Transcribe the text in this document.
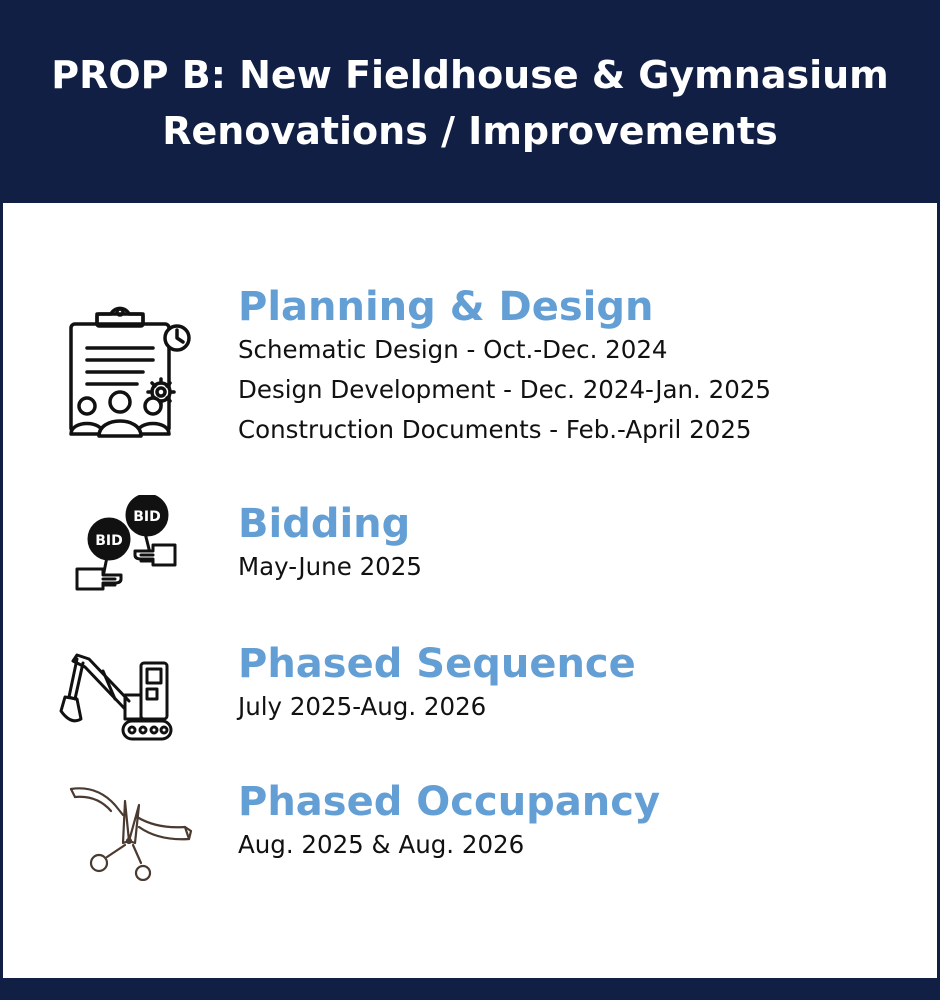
PROP B: New Fieldhouse & Gymnasium
Renovations / Improvements
Planning & Design
Schematic Design - Oct.-Dec. 2024
Design Development - Dec. 2024-Jan. 2025
Construction Documents - Feb.-April 2025
BID
BID	Bidding
May-June 2025
Phased Sequence
July 2025-Aug. 2026
Phased Occupancy
Aug. 2025 & Aug. 2026
